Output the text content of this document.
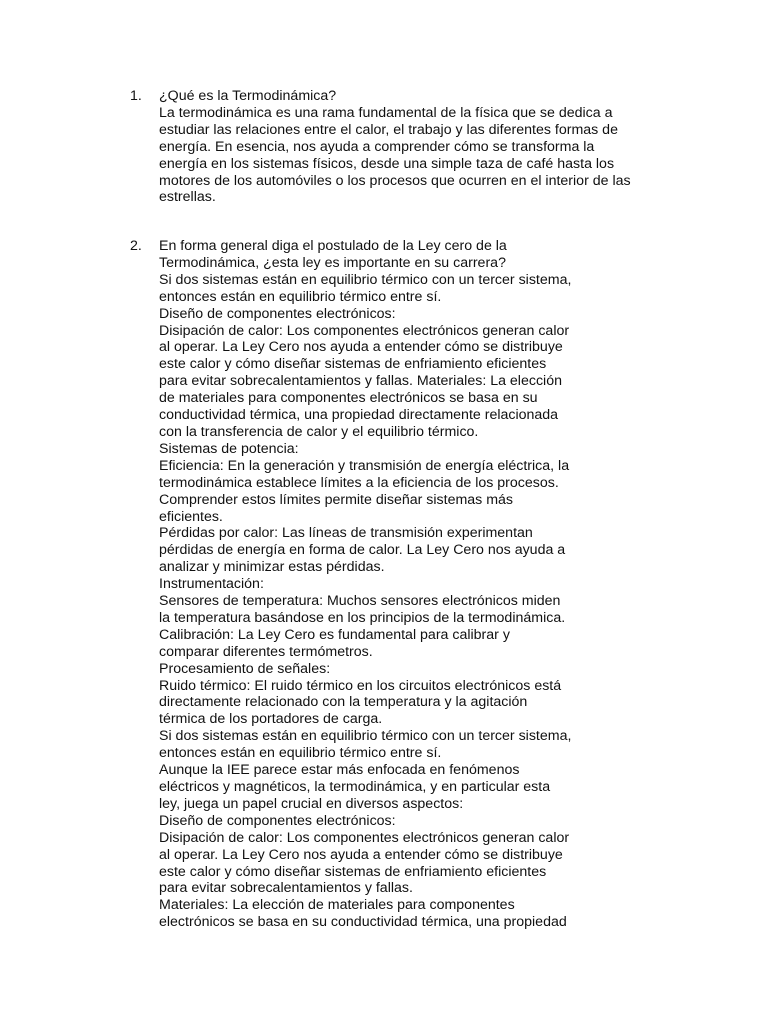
1. ¿Qué es la Termodinámica?
La termodinámica es una rama fundamental de la física que se dedica a
estudiar las relaciones entre el calor, el trabajo y las diferentes formas de
energía. En esencia, nos ayuda a comprender cómo se transforma la
energía en los sistemas físicos, desde una simple taza de café hasta los
motores de los automóviles o los procesos que ocurren en el interior de las
estrellas.
2. En forma general diga el postulado de la Ley cero de la
Termodinámica, ¿esta ley es importante en su carrera?
Si dos sistemas están en equilibrio térmico con un tercer sistema,
entonces están en equilibrio térmico entre sí.
Diseño de componentes electrónicos:
Disipación de calor: Los componentes electrónicos generan calor
al operar. La Ley Cero nos ayuda a entender cómo se distribuye
este calor y cómo diseñar sistemas de enfriamiento eficientes
para evitar sobrecalentamientos y fallas. Materiales: La elección
de materiales para componentes electrónicos se basa en su
conductividad térmica, una propiedad directamente relacionada
con la transferencia de calor y el equilibrio térmico.
Sistemas de potencia:
Eficiencia: En la generación y transmisión de energía eléctrica, la
termodinámica establece límites a la eficiencia de los procesos.
Comprender estos límites permite diseñar sistemas más
eficientes.
Pérdidas por calor: Las líneas de transmisión experimentan
pérdidas de energía en forma de calor. La Ley Cero nos ayuda a
analizar y minimizar estas pérdidas.
Instrumentación:
Sensores de temperatura: Muchos sensores electrónicos miden
la temperatura basándose en los principios de la termodinámica.
Calibración: La Ley Cero es fundamental para calibrar y
comparar diferentes termómetros.
Procesamiento de señales:
Ruido térmico: El ruido térmico en los circuitos electrónicos está
directamente relacionado con la temperatura y la agitación
térmica de los portadores de carga.
Si dos sistemas están en equilibrio térmico con un tercer sistema,
entonces están en equilibrio térmico entre sí.
Aunque la IEE parece estar más enfocada en fenómenos
eléctricos y magnéticos, la termodinámica, y en particular esta
ley, juega un papel crucial en diversos aspectos:
Diseño de componentes electrónicos:
Disipación de calor: Los componentes electrónicos generan calor
al operar. La Ley Cero nos ayuda a entender cómo se distribuye
este calor y cómo diseñar sistemas de enfriamiento eficientes
para evitar sobrecalentamientos y fallas.
Materiales: La elección de materiales para componentes
electrónicos se basa en su conductividad térmica, una propiedad
